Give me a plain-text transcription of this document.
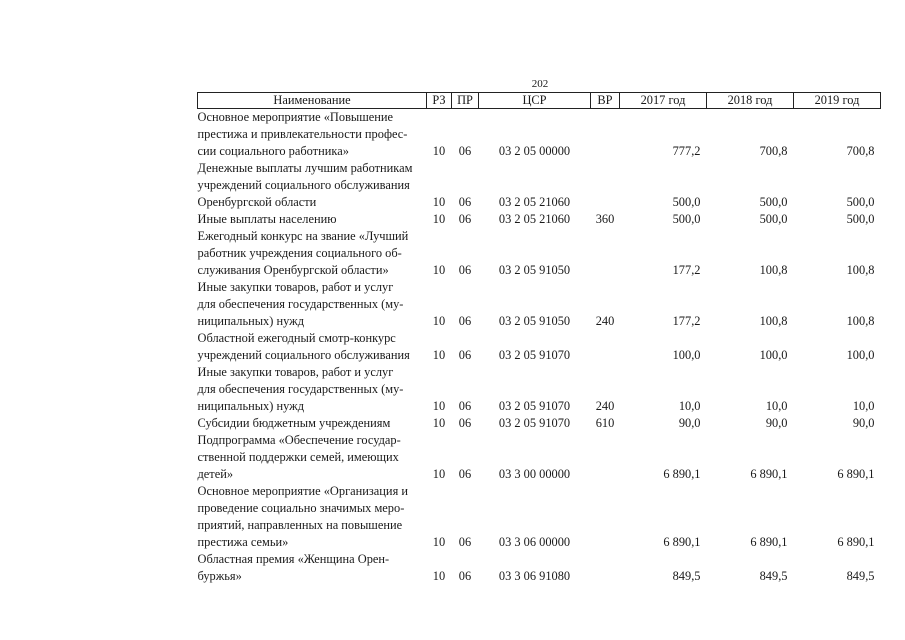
202
Наименование	РЗ	ПР	ЦСР	ВР	2017 год	2018 год	2019 год

Основное мероприятие «Повышение
престижа и привлекательности профес-
сии социального работника»	10	06	03 2 05 00000		777,2	700,8	700,8

Денежные выплаты лучшим работникам
учреждений социального обслуживания
Оренбургской области	10	06	03 2 05 21060		500,0	500,0	500,0

Иные выплаты населению	10	06	03 2 05 21060	360	500,0	500,0	500,0

Ежегодный конкурс на звание «Лучший
работник учреждения социального об-
служивания Оренбургской области»	10	06	03 2 05 91050		177,2	100,8	100,8

Иные закупки товаров, работ и услуг
для обеспечения государственных (му-
ниципальных) нужд	10	06	03 2 05 91050	240	177,2	100,8	100,8

Областной ежегодный смотр-конкурс
учреждений социального обслуживания	10	06	03 2 05 91070		100,0	100,0	100,0

Иные закупки товаров, работ и услуг
для обеспечения государственных (му-
ниципальных) нужд	10	06	03 2 05 91070	240	10,0	10,0	10,0

Субсидии бюджетным учреждениям	10	06	03 2 05 91070	610	90,0	90,0	90,0

Подпрограмма «Обеспечение государ-
ственной поддержки семей, имеющих
детей»	10	06	03 3 00 00000		6 890,1	6 890,1	6 890,1

Основное мероприятие «Организация и
проведение социально значимых меро-
приятий, направленных на повышение
престижа семьи»	10	06	03 3 06 00000		6 890,1	6 890,1	6 890,1

Областная премия «Женщина Орен-
буржья»	10	06	03 3 06 91080		849,5	849,5	849,5
